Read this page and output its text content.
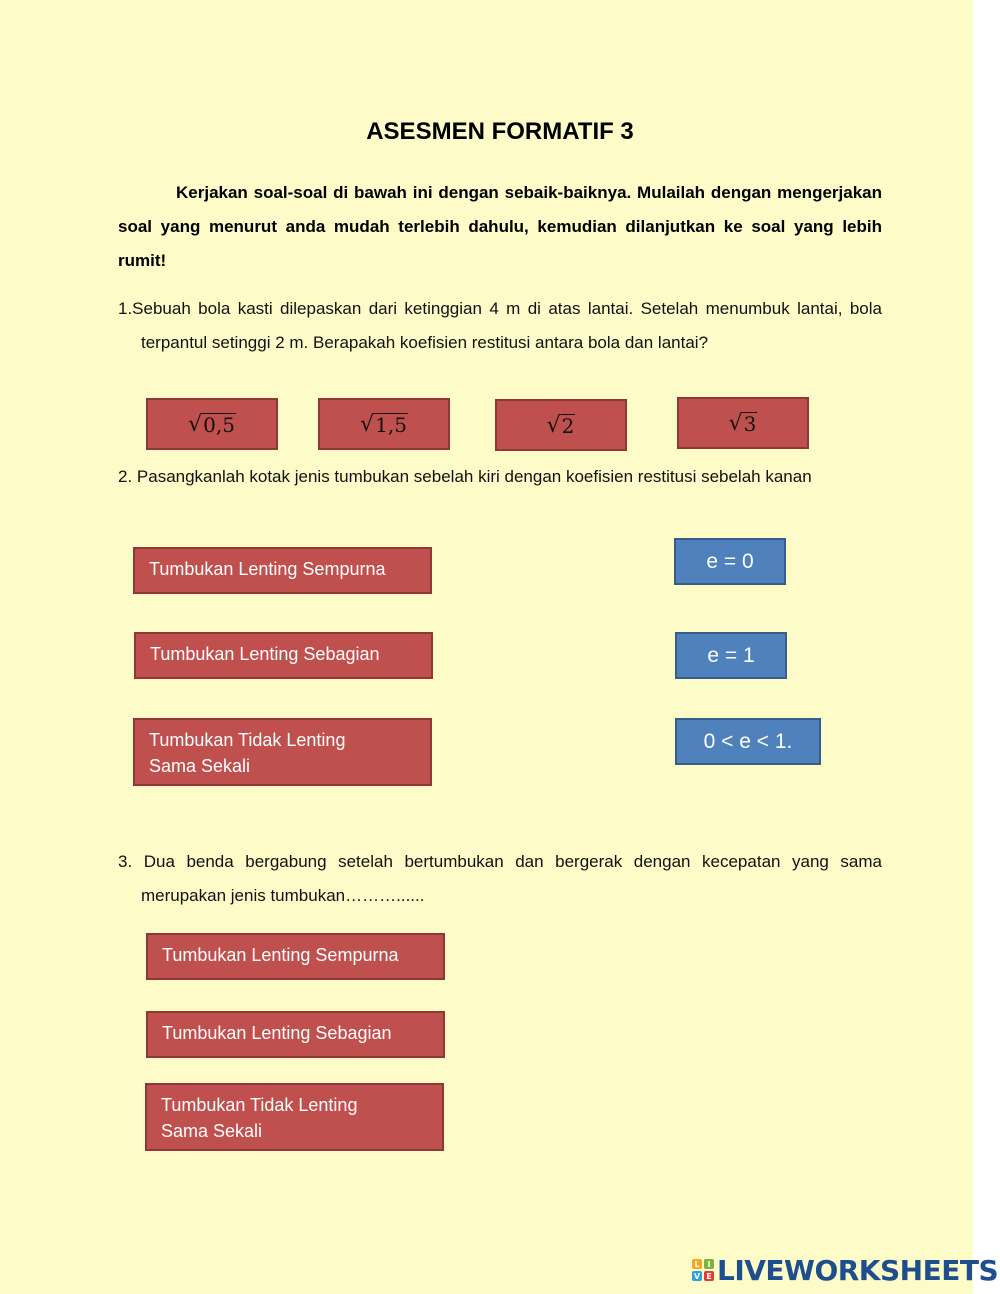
ASESMEN FORMATIF 3

Kerjakan soal-soal di bawah ini dengan sebaik-baiknya. Mulailah dengan mengerjakan soal yang menurut anda mudah terlebih dahulu, kemudian dilanjutkan ke soal yang lebih rumit!

1.Sebuah bola kasti dilepaskan dari ketinggian 4 m di atas lantai. Setelah menumbuk lantai, bola terpantul setinggi 2 m. Berapakah koefisien restitusi antara bola dan lantai?

√ 0,5	√ 1,5	√ 2	√ 3

2. Pasangkanlah kotak jenis tumbukan sebelah kiri dengan koefisien restitusi sebelah kanan

Tumbukan Lenting Sempurna
Tumbukan Lenting Sebagian
Tumbukan Tidak Lenting
Sama Sekali
e = 0
e = 1
0 < e < 1.

3. Dua benda bergabung setelah bertumbukan dan bergerak dengan kecepatan yang sama merupakan jenis tumbukan………......

Tumbukan Lenting Sempurna
Tumbukan Lenting Sebagian
Tumbukan Tidak Lenting
Sama Sekali
L I
V E LIVEWORKSHEETS
